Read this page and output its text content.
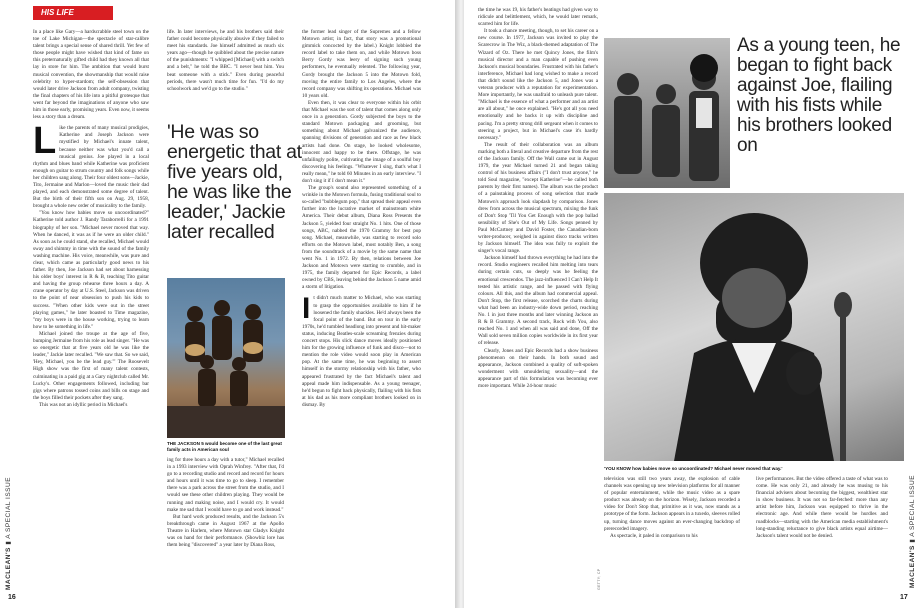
HIS LIFE

In a place like Gary—a hardscrabble steel town on the toe of Lake Michigan—the spectacle of star-calibre talent brings a special sense of shared thrill. Yet few of those people might have wished that kind of fame on this preternaturally gifted child had they known all that lay in store for him. The ambition that would burst musical convention, the showmanship that would raise celebrity to hyper-stardom; the self-obsession that would later drive Jackson from adult company, twisting the final chapters of his life into a pitiful grotesque that went far beyond the imaginations of anyone who saw him in those early, promising years. Even now, it seems less a story than a dream.

Like the parents of many musical prodigies, Katherine and Joseph Jackson were mystified by Michael's innate talent, because neither was what you'd call a musical genius. Joe played in a local rhythm and blues band while Katherine was proficient enough on guitar to strum country and folk songs while her children sang along. Their four oldest sons—Jackie, Tito, Jermaine and Marlon—loved the music their dad played, and each demonstrated some degree of talent. But the birth of their fifth son on Aug. 29, 1958, brought a whole new order of musicality to the family.

"You know how babies move so uncoordinated?" Katherine told author J. Randy Taraborrelli for a 1991 biography of her son. "Michael never moved that way. When he danced, it was as if he were an older child." As soon as he could stand, she recalled, Michael would sway and shimmy in time with the sound of the family washing machine. His voice, meanwhile, was pure and clear, which came as particularly good news to his father. By then, Joe Jackson had set about harnessing his older boys' interest in R & B, teaching Tito guitar and having the group rehearse three hours a day. A crane operator by day at U.S. Steel, Jackson was driven to the point of near obsession to push his kids to success. "When other kids were out in the street playing games," he later boasted to Time magazine, "my boys were in the house working, trying to learn how to be something in life."

Michael joined the troupe at the age of five, bumping Jermaine from his role as lead singer. "He was so energetic that at five years old he was like the leader," Jackie later recalled. "We saw that. So we said, 'Hey, Michael, you be the lead guy.'" The Roosevelt High show was the first of many talent contests, culminating in a paid gig at a Gary nightclub called Mr. Lucky's. Other engagements followed, including bar gigs where patrons tossed coins and bills on stage and the boys filled their pockets after they sang.

This was not an idyllic period in Michael's

life. In later interviews, he and his brothers said their father could become physically abusive if they failed to meet his standards. Joe himself admitted as much six years ago—though he quibbled about the precise nature of the punishments: "I whipped [Michael] with a switch and a belt," he told the BBC. "I never beat him. You beat someone with a stick." Even during peaceful periods, there wasn't much time for fun. "I'd do my schoolwork and we'd go to the studio."

'He was so energetic that at five years old, he was like the leader,' Jackie later recalled
THE JACKSON 5 would become one of the last great family acts in American soul

ing for three hours a day with a tutor," Michael recalled in a 1993 interview with Oprah Winfrey. "After that, I'd go to a recording studio and record and record for hours and hours until it was time to go to sleep. I remember there was a park across the street from the studio, and I would see these other children playing. They would be running and making noise, and I would cry. It would make me sad that I would have to go and work instead."

But hard work produced results, and the Jackson 5's breakthrough came in August 1967 at the Apollo Theatre in Harlem, where Motown star Gladys Knight was on hand for their performance. (Showbiz lore has them being "discovered" a year later by Diana Ross,

the former lead singer of the Supremes and a fellow Motown artist; in fact, that story was a promotional gimmick concocted by the label.) Knight lobbied the record label to take them on, and while Motown boss Berry Gordy was leery of signing such young performers, he eventually relented. The following year, Gordy brought the Jackson 5 into the Motown fold, moving the entire family to Los Angeles, where the record company was shifting its operations. Michael was 10 years old.

Even then, it was clear to everyone within his orbit that Michael was the sort of talent that comes along only once in a generation. Gordy subjected the boys to the standard Motown packaging and grooming, but something about Michael galvanized the audience, spanning divisions of generation and race as few black artists had done. On stage, he looked wholesome, innocent and happy to be there. Offstage, he was unfailingly polite, cultivating the image of a soulful boy discovering his feelings. "Whatever I sing, that's what I really mean," he told 60 Minutes in an early interview. "I don't sing it if I don't mean it."

The group's sound also represented something of a wrinkle in the Motown formula, fusing traditional soul to so-called "bubblegum pop," that spread their appeal even further into the lucrative market of mainstream white America. Their debut album, Diana Ross Presents the Jackson 5, yielded four straight No. 1 hits. One of those songs, ABC, nabbed the 1970 Grammy for best pop song. Michael, meanwhile, was starting to record solo efforts on the Motown label, most notably Ben, a song from the soundtrack of a movie by the same name that went No. 1 in 1972. By then, relations between Joe Jackson and Motown were starting to crumble, and in 1975, the family departed for Epic Records, a label owned by CBS, leaving behind the Jackson 5 name amid a storm of litigation.

It didn't much matter to Michael, who was starting to grasp the opportunities available to him if he loosened the family shackles. He'd always been the focal point of the band. But on tour in the early 1970s, he'd tumbled headlong into present and hit-maker status, inducing Beatles-scale screaming frenzies during concert stops. His slick dance moves ideally positioned him for the growing influence of funk and disco—not to mention the role video would soon play in American pop. At the same time, he was beginning to assert himself in the stormy relationship with his father, who appeared frustrated by the fact Michael's talent and appeal made him indispensable. As a young teenager, he'd begun to fight back physically, flailing with his fists at his dad as his more compliant brothers looked on in dismay. By

MACLEAN'S ▮ A SPECIAL ISSUE
16

the time he was 19, his father's beatings had given way to ridicule and belittlement, which, he would later remark, scarred him for life.

It took a chance meeting, though, to set his career on a new course. In 1977, Jackson was invited to play the Scarecrow in The Wiz, a black-themed adaptation of The Wizard of Oz. There he met Quincy Jones, the film's musical director and a man capable of pushing even Jackson's musical boundaries. Frustrated with his father's interference, Michael had long wished to make a record that didn't sound like the Jackson 5, and Jones was a veteran producer with a reputation for experimentation. More importantly, he was unafraid to unleash pure talent. "Michael is the essence of what a performer and an artist are all about," he once explained. "He's got all you need emotionally and he backs it up with discipline and pacing. I'm a pretty strong drill sergeant when it comes to steering a project, but in Michael's case it's hardly necessary."

The result of their collaboration was an album marking both a literal and creative departure from the rest of the Jackson family. Off the Wall came out in August 1979, the year Michael turned 21 and began taking control of his business affairs ("I don't trust anyone," he told Soul magazine, "except Katherine"—he called both parents by their first names). The album was the product of a painstaking process of song selection that made Motown's approach look slapdash by comparison. Jones drew from across the musical spectrum, mixing the funk of Don't Stop 'Til You Get Enough with the pop ballad sensibility of She's Out of My Life. Songs penned by Paul McCartney and David Foster, the Canadian-born writer-producer, weighed in against disco tracks written by Jackson himself. The idea was fully to exploit the singer's vocal range.

Jackson himself had thrown everything he had into the record. Studio engineers recalled him melting into tears during certain cuts, so deeply was he feeling the emotional crescendos. The jazz-influenced I Can't Help It tested his artistic range, and he passed with flying colours. All this, and the album had commercial appeal. Don't Stop, the first release, scorched the charts during what had been an industry-wide down period, reaching No. 1 in just three months and later winning Jackson an R & B Grammy. A second track, Rock with You, also reached No. 1 and when all was said and done, Off the Wall sold seven million copies worldwide in its first year of release.

Clearly, Jones and Epic Records had a show business phenomenon on their hands. In both sound and appearance, Jackson combined a quality of soft-spoken wonderment with smouldering sexuality—and the appearance part of this formulation was becoming ever more important. While 24-hour music

As a young teen, he began to fight back against Joe, flailing with his fists while his brothers looked on
'YOU KNOW how babies move so uncoordinated? Michael never moved that way.'
GETTY; CP

television was still two years away, the explosion of cable channels was opening up new television platforms for all manner of popular entertainment, while the music video as a spare product was already on the horizon. Wisely, Jackson recorded a video for Don't Stop that, primitive as it was, now stands as a prototype of the form. Jackson appears in a tuxedo, sleeves rolled up, turning dance moves against an ever-changing backdrop of prerecorded imagery.

As spectacle, it paled in comparison to his

live performances. But the video offered a taste of what was to come. He was only 21, and already he was musing to his financial advisers about becoming the biggest, wealthiest star in show business. It was not so far-fetched: more than any artist before him, Jackson was equipped to thrive in the electronic age. And while there would be hurdles and roadblocks—starting with the American media establishment's long-standing reluctance to give black artists equal airtime—Jackson's talent would not be denied.

MACLEAN'S ▮ A SPECIAL ISSUE
17
